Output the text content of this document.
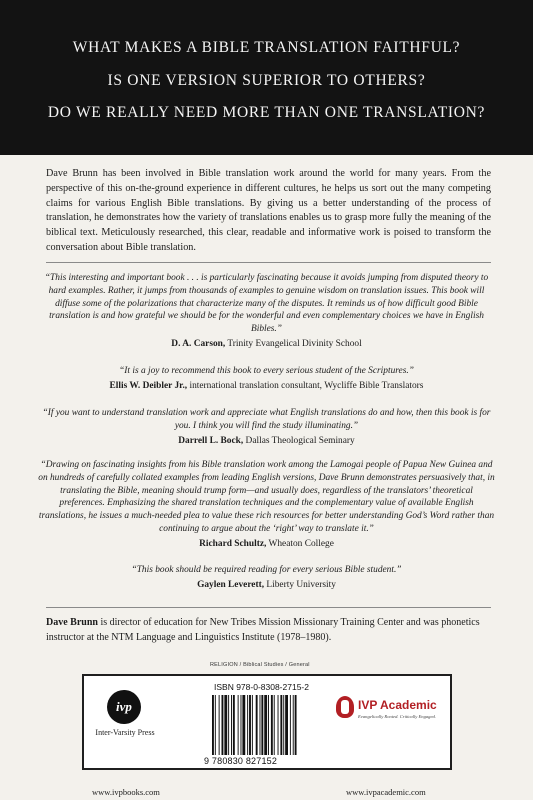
WHAT MAKES A BIBLE TRANSLATION FAITHFUL?
IS ONE VERSION SUPERIOR TO OTHERS?
DO WE REALLY NEED MORE THAN ONE TRANSLATION?
Dave Brunn has been involved in Bible translation work around the world for many years. From the perspective of this on-the-ground experience in different cultures, he helps us sort out the many competing claims for various English Bible translations. By giving us a better understanding of the process of translation, he demonstrates how the variety of translations enables us to grasp more fully the meaning of the biblical text. Meticulously researched, this clear, readable and informative work is poised to transform the conversation about Bible translation.
“This interesting and important book . . . is particularly fascinating because it avoids jumping from disputed theory to hard examples. Rather, it jumps from thousands of examples to genuine wisdom on translation issues. This book will diffuse some of the polarizations that characterize many of the disputes. It reminds us of how difficult good Bible translation is and how grateful we should be for the wonderful and even complementary choices we have in English Bibles.”
D. A. Carson, Trinity Evangelical Divinity School
“It is a joy to recommend this book to every serious student of the Scriptures.”
Ellis W. Deibler Jr., international translation consultant, Wycliffe Bible Translators
“If you want to understand translation work and appreciate what English translations do and how, then this book is for you. I think you will find the study illuminating.”
Darrell L. Bock, Dallas Theological Seminary
“Drawing on fascinating insights from his Bible translation work among the Lamogai people of Papua New Guinea and on hundreds of carefully collated examples from leading English versions, Dave Brunn demonstrates persuasively that, in translating the Bible, meaning should trump form—and usually does, regardless of the translators’ theoretical preferences. Emphasizing the shared translation techniques and the complementary value of available English translations, he issues a much-needed plea to value these rich resources for better understanding God’s Word rather than continuing to argue about the ‘right’ way to translate it.”
Richard Schultz, Wheaton College
“This book should be required reading for every serious Bible student.”
Gaylen Leverett, Liberty University
Dave Brunn is director of education for New Tribes Mission Missionary Training Center and was phonetics instructor at the NTM Language and Linguistics Institute (1978–1980).
RELIGION / Biblical Studies / General
ivp
Inter-Varsity Press
ISBN 978-0-8308-2715-2
9 780830 827152
IVP Academic
Evangelically Rooted. Critically Engaged.
www.ivpbooks.com	www.ivpacademic.com
